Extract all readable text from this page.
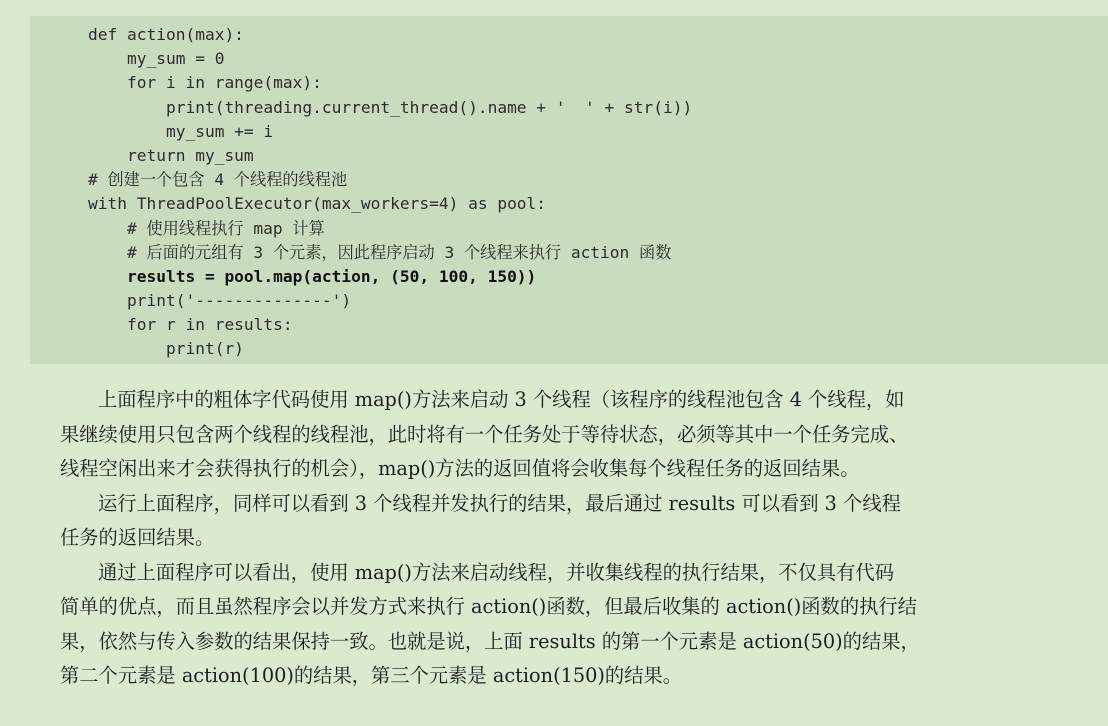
def action(max):
my_sum = 0
for i in range(max):
print(threading.current_thread().name + '  ' + str(i))
my_sum += i
return my_sum
# 创建一个包含 4 个线程的线程池
with ThreadPoolExecutor(max_workers=4) as pool:
# 使用线程执行 map 计算
# 后面的元组有 3 个元素，因此程序启动 3 个线程来执行 action 函数
results = pool.map(action, (50, 100, 150))
print('--------------')
for r in results:
print(r)
上面程序中的粗体字代码使用 map()方法来启动 3 个线程（该程序的线程池包含 4 个线程，如
果继续使用只包含两个线程的线程池，此时将有一个任务处于等待状态，必须等其中一个任务完成、
线程空闲出来才会获得执行的机会），map()方法的返回值将会收集每个线程任务的返回结果。
运行上面程序，同样可以看到 3 个线程并发执行的结果，最后通过 results 可以看到 3 个线程
任务的返回结果。
通过上面程序可以看出，使用 map()方法来启动线程，并收集线程的执行结果，不仅具有代码
简单的优点，而且虽然程序会以并发方式来执行 action()函数，但最后收集的 action()函数的执行结
果，依然与传入参数的结果保持一致。也就是说，上面 results 的第一个元素是 action(50)的结果，
第二个元素是 action(100)的结果，第三个元素是 action(150)的结果。
